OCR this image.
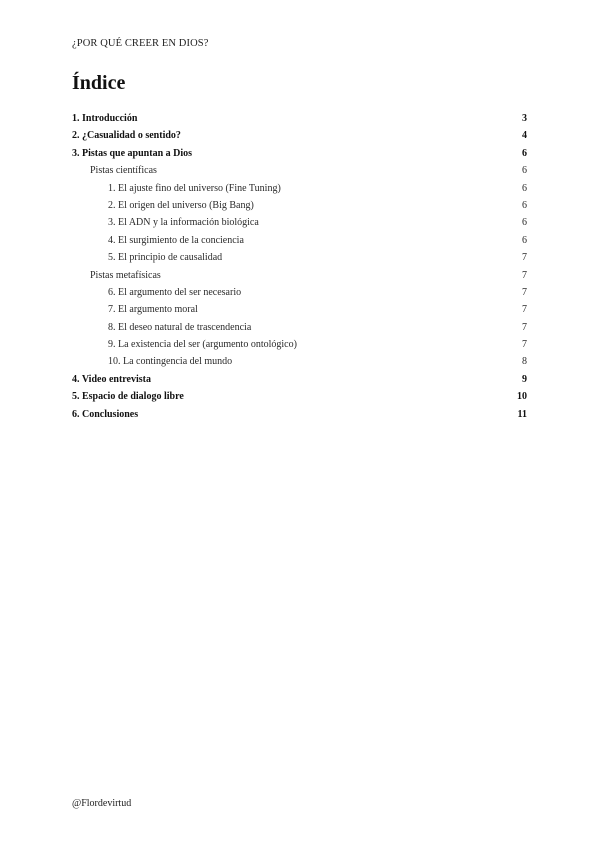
¿POR QUÉ CREER EN DIOS?
Índice
1. Introducción	3
2. ¿Casualidad o sentido?	4
3. Pistas que apuntan a Dios	6
Pistas científicas	6
1. El ajuste fino del universo (Fine Tuning)	6
2. El origen del universo (Big Bang)	6
3. El ADN y la información biológica	6
4. El surgimiento de la conciencia	6
5. El principio de causalidad	7
Pistas metafísicas	7
6. El argumento del ser necesario	7
7. El argumento moral	7
8. El deseo natural de trascendencia	7
9. La existencia del ser (argumento ontológico)	7
10. La contingencia del mundo	8
4. Video entrevista	9
5. Espacio de dialogo libre	10
6. Conclusiones	11
@Flordevirtud
